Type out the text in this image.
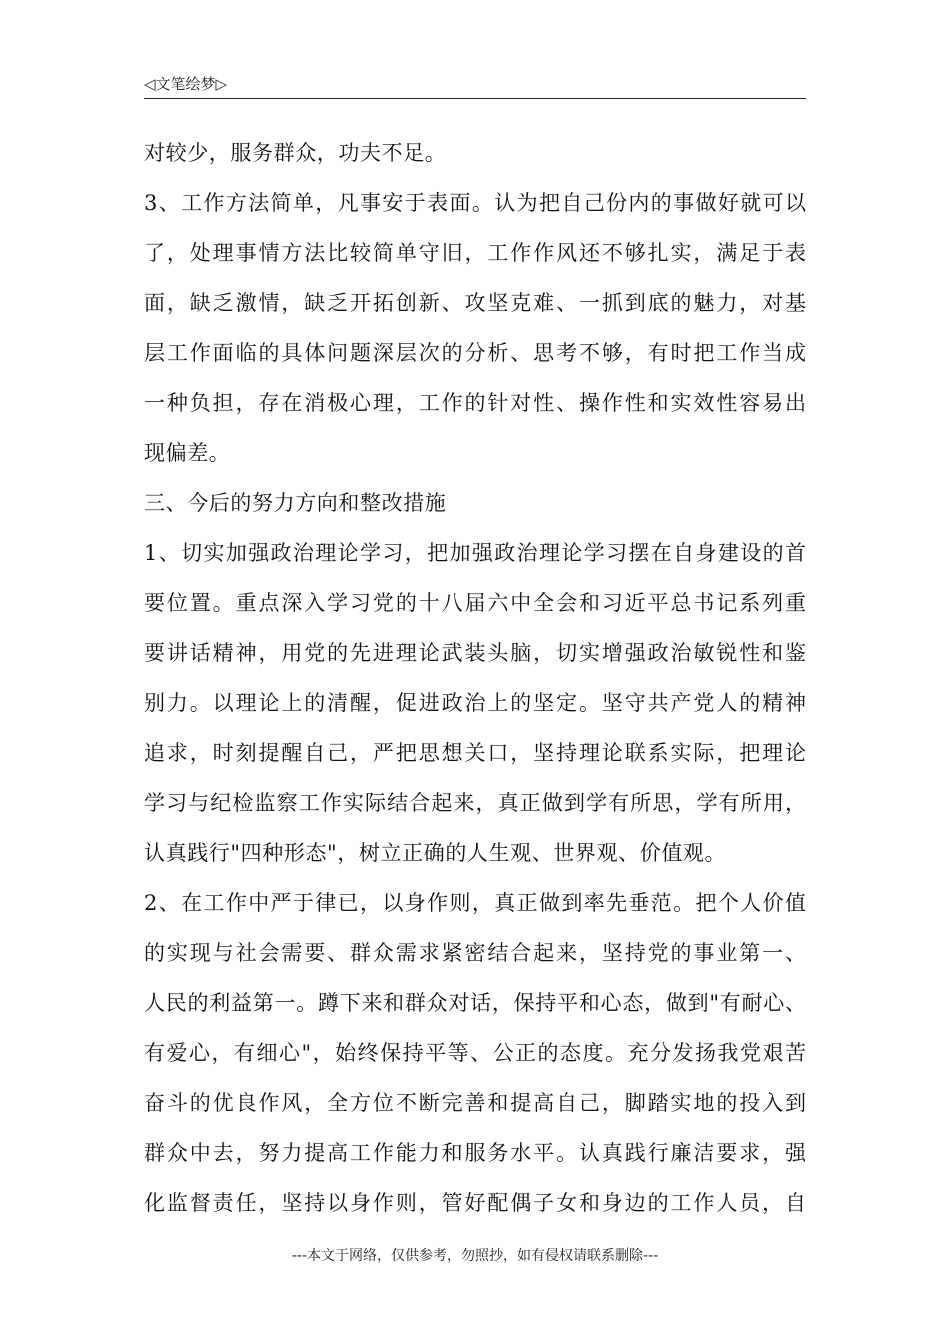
◁文笔绘梦▷
对较少，服务群众，功夫不足。
3、工作方法简单，凡事安于表面。认为把自己份内的事做好就可以
了，处理事情方法比较简单守旧，工作作风还不够扎实，满足于表
面，缺乏激情，缺乏开拓创新、攻坚克难、一抓到底的魅力，对基
层工作面临的具体问题深层次的分析、思考不够，有时把工作当成
一种负担，存在消极心理，工作的针对性、操作性和实效性容易出
现偏差。
三、今后的努力方向和整改措施
1、切实加强政治理论学习，把加强政治理论学习摆在自身建设的首
要位置。重点深入学习党的十八届六中全会和习近平总书记系列重
要讲话精神，用党的先进理论武装头脑，切实增强政治敏锐性和鉴
别力。以理论上的清醒，促进政治上的坚定。坚守共产党人的精神
追求，时刻提醒自己，严把思想关口，坚持理论联系实际，把理论
学习与纪检监察工作实际结合起来，真正做到学有所思，学有所用，
认真践行"四种形态"，树立正确的人生观、世界观、价值观。
2、在工作中严于律已，以身作则，真正做到率先垂范。把个人价值
的实现与社会需要、群众需求紧密结合起来，坚持党的事业第一、
人民的利益第一。蹲下来和群众对话，保持平和心态，做到"有耐心、
有爱心，有细心"，始终保持平等、公正的态度。充分发扬我党艰苦
奋斗的优良作风，全方位不断完善和提高自己，脚踏实地的投入到
群众中去，努力提高工作能力和服务水平。认真践行廉洁要求，强
化监督责任，坚持以身作则，管好配偶子女和身边的工作人员，自
---本文于网络，仅供参考，勿照抄，如有侵权请联系删除---
